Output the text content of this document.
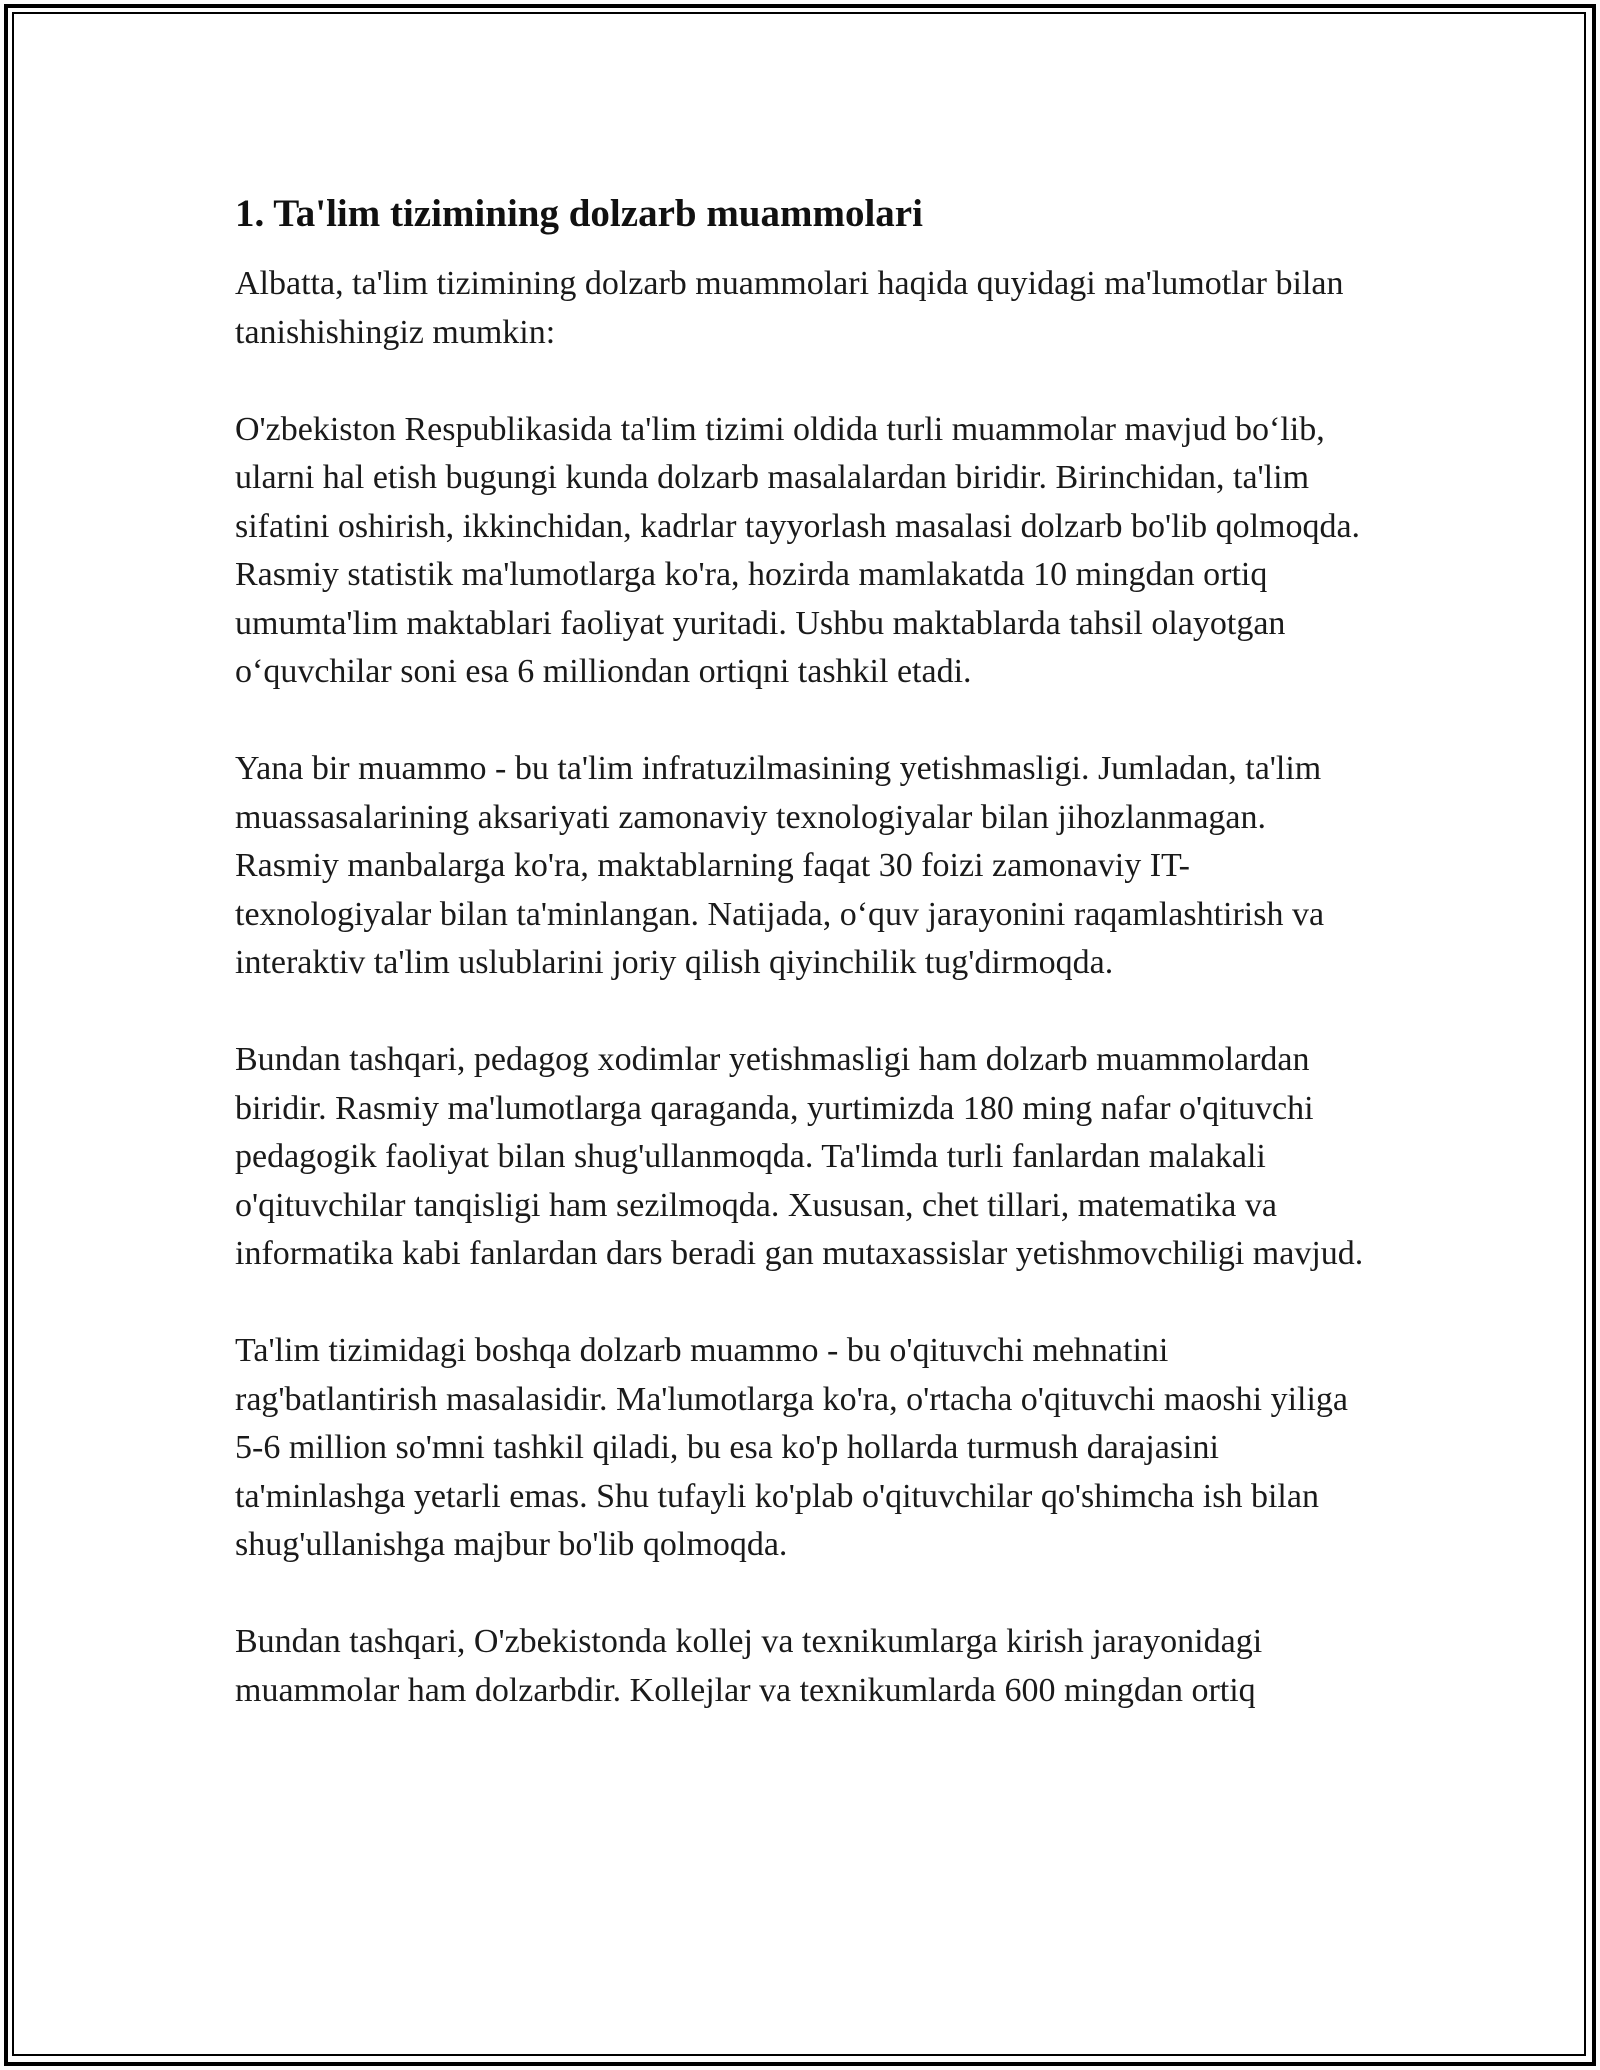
1. Ta'lim tizimining dolzarb muammolari

Albatta, ta'lim tizimining dolzarb muammolari haqida quyidagi ma'lumotlar bilan tanishishingiz mumkin:

O'zbekiston Respublikasida ta'lim tizimi oldida turli muammolar mavjud bo‘lib, ularni hal etish bugungi kunda dolzarb masalalardan biridir. Birinchidan, ta'lim sifatini oshirish, ikkinchidan, kadrlar tayyorlash masalasi dolzarb bo'lib qolmoqda. Rasmiy statistik ma'lumotlarga ko'ra, hozirda mamlakatda 10 mingdan ortiq umumta'lim maktablari faoliyat yuritadi. Ushbu maktablarda tahsil olayotgan o‘quvchilar soni esa 6 milliondan ortiqni tashkil etadi.

Yana bir muammo - bu ta'lim infratuzilmasining yetishmasligi. Jumladan, ta'lim muassasalarining aksariyati zamonaviy texnologiyalar bilan jihozlanmagan. Rasmiy manbalarga ko'ra, maktablarning faqat 30 foizi zamonaviy IT-texnologiyalar bilan ta'minlangan. Natijada, o‘quv jarayonini raqamlashtirish va interaktiv ta'lim uslublarini joriy qilish qiyinchilik tug'dirmoqda.

Bundan tashqari, pedagog xodimlar yetishmasligi ham dolzarb muammolardan biridir. Rasmiy ma'lumotlarga qaraganda, yurtimizda 180 ming nafar o'qituvchi pedagogik faoliyat bilan shug'ullanmoqda. Ta'limda turli fanlardan malakali o'qituvchilar tanqisligi ham sezilmoqda. Xususan, chet tillari, matematika va informatika kabi fanlardan dars beradi gan mutaxassislar yetishmovchiligi mavjud.

Ta'lim tizimidagi boshqa dolzarb muammo - bu o'qituvchi mehnatini rag'batlantirish masalasidir. Ma'lumotlarga ko'ra, o'rtacha o'qituvchi maoshi yiliga 5-6 million so'mni tashkil qiladi, bu esa ko'p hollarda turmush darajasini ta'minlashga yetarli emas. Shu tufayli ko'plab o'qituvchilar qo'shimcha ish bilan shug'ullanishga majbur bo'lib qolmoqda.

Bundan tashqari, O'zbekistonda kollej va texnikumlarga kirish jarayonidagi muammolar ham dolzarbdir. Kollejlar va texnikumlarda 600 mingdan ortiq
